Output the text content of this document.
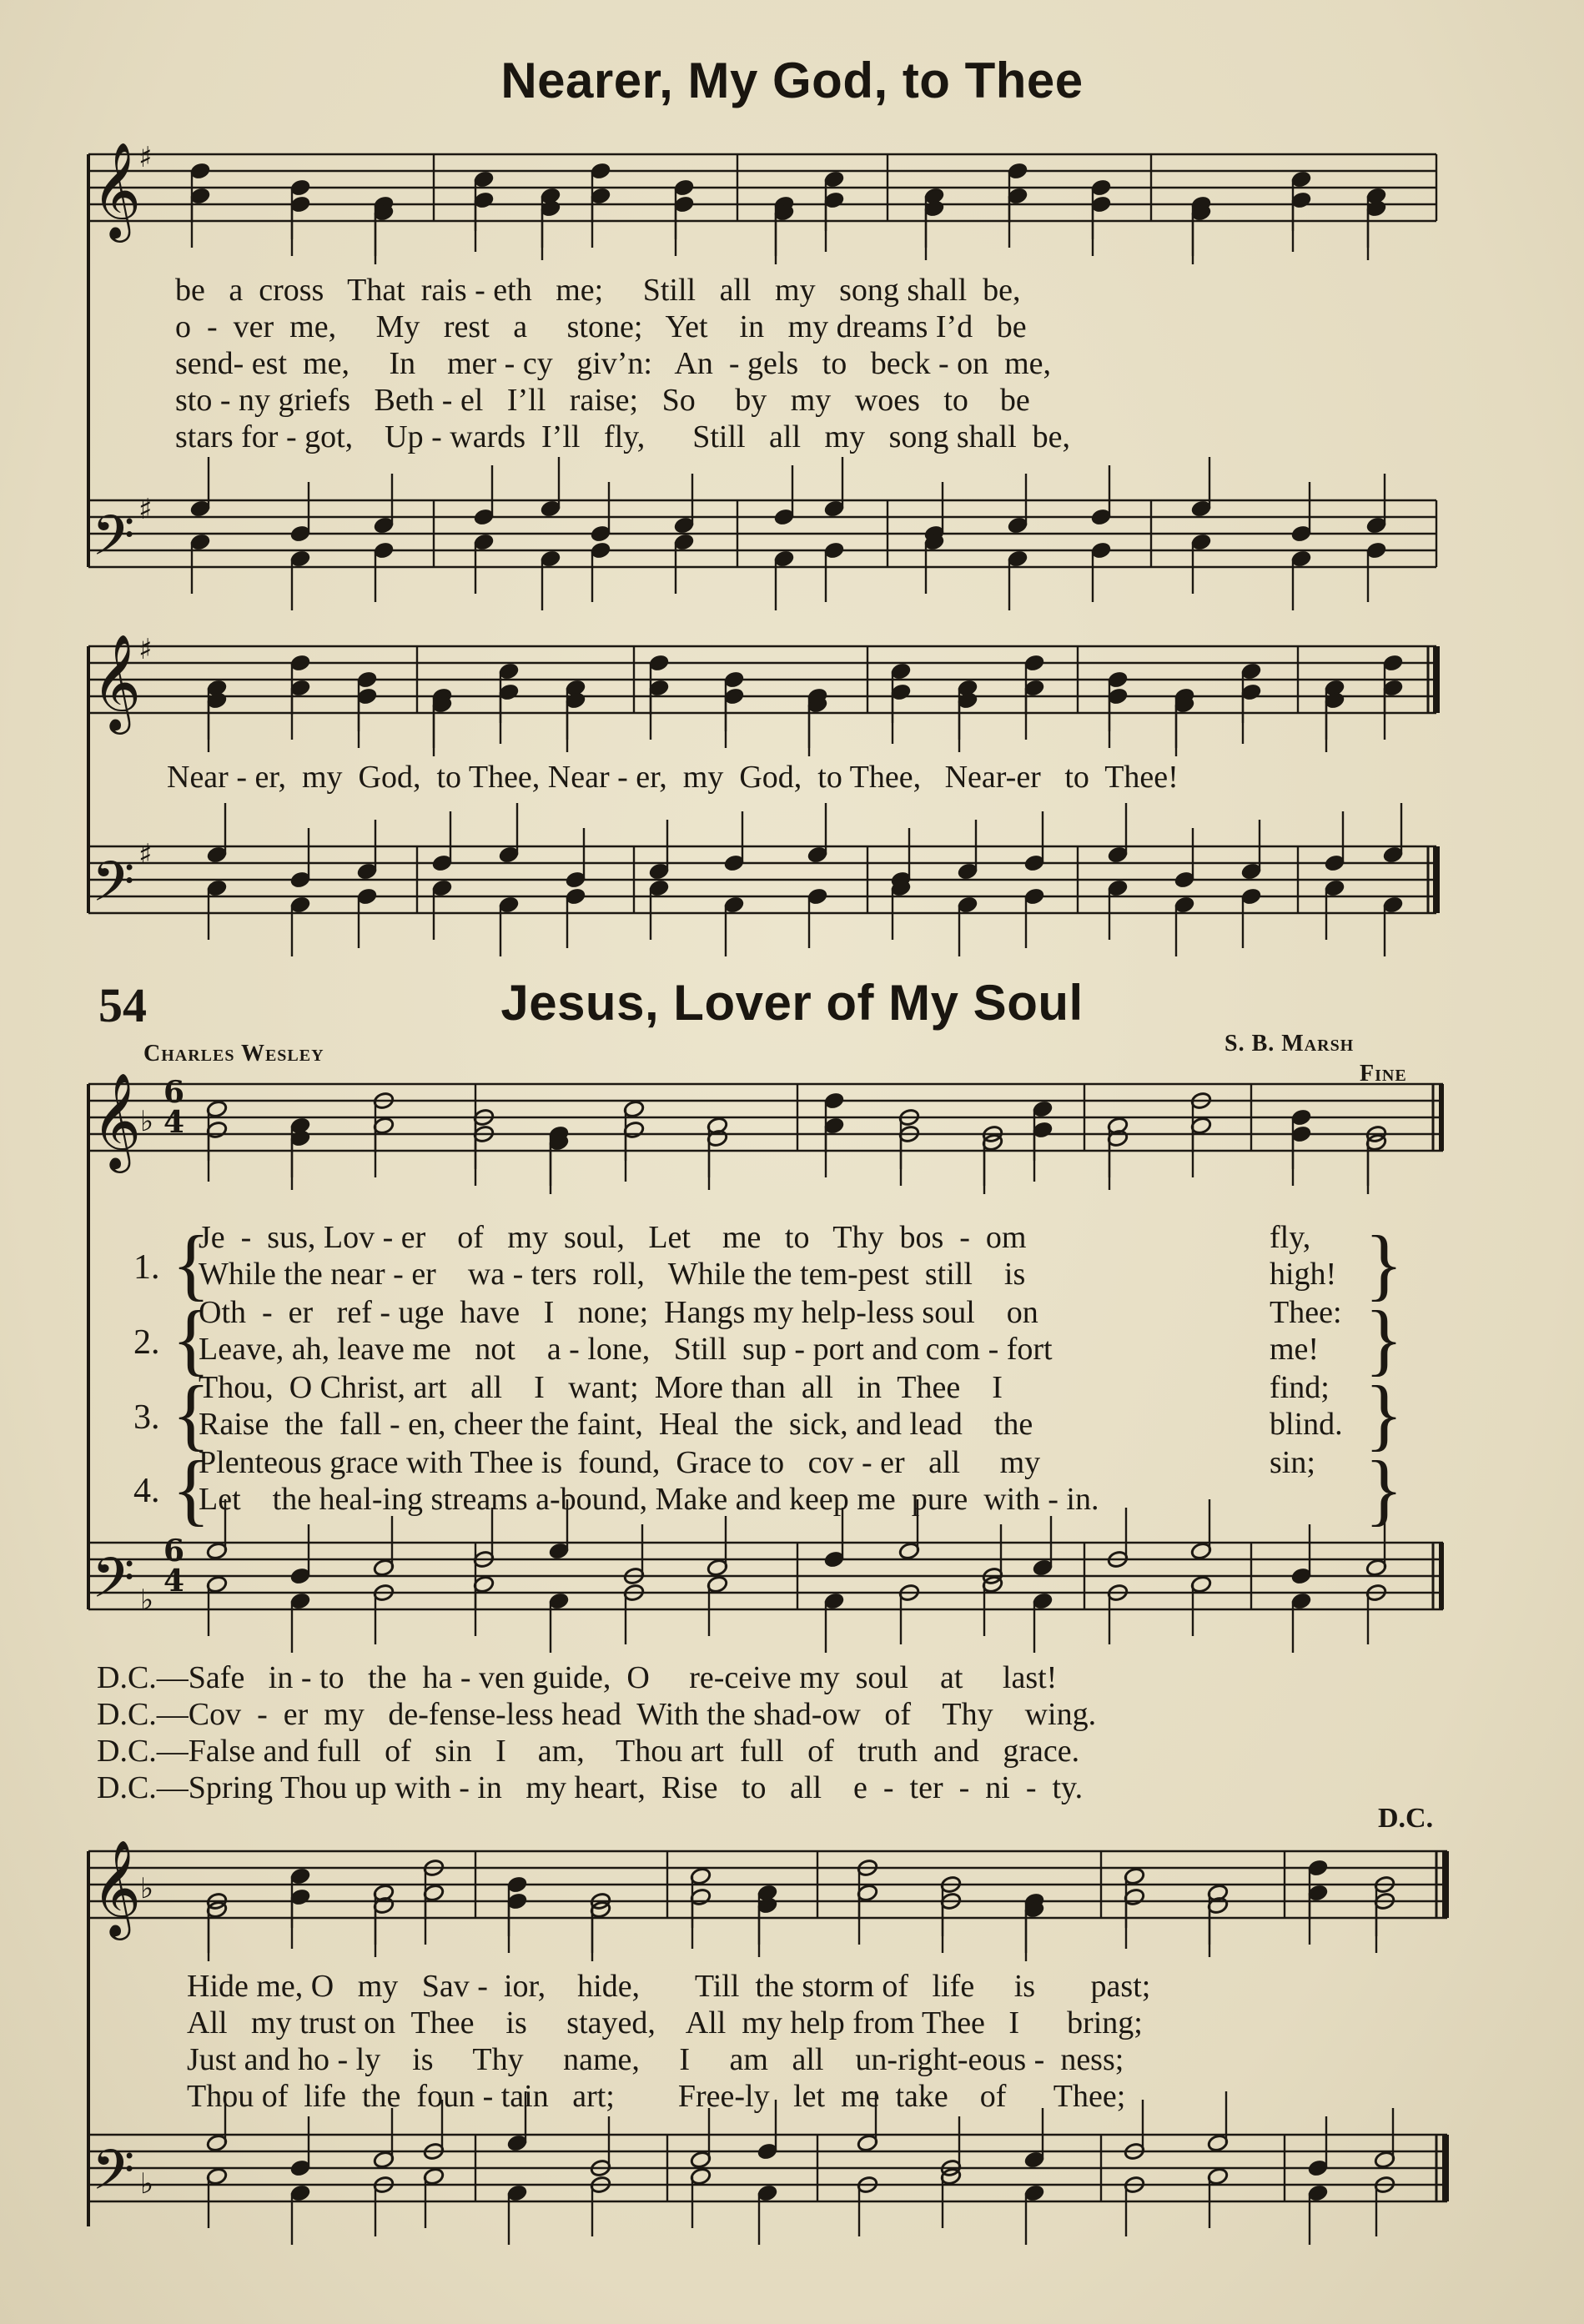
Nearer, My God, to Thee
𝄞
𝄢
𝄞
𝄢
𝄞
𝄢
𝄞
𝄢
♯
♯
♯
♯
♭
♭
♭
♭
6
4
6
4
be   a  cross   That  rais - eth   me;     Still   all   my   song shall  be,
o  -  ver  me,     My   rest   a     stone;   Yet    in   my dreams I’d   be
send- est  me,     In    mer - cy   giv’n:   An  - gels   to   beck - on  me,
sto - ny griefs   Beth - el   I’ll   raise;   So     by   my   woes   to    be
stars for - got,    Up - wards  I’ll   fly,      Still   all   my   song shall  be,
Near - er,  my  God,  to Thee, Near - er,  my  God,  to Thee,   Near-er   to  Thee!
54	Jesus, Lover of My Soul
Charles Wesley	S. B. Marsh
Fine
1.
2.
3.
4.
{
{
{
{
}
}
}
}
Je  -  sus, Lov - er    of   my  soul,   Let    me   to   Thy  bos  -  om
While the near - er    wa - ters  roll,   While the tem-pest  still    is
Oth  -  er   ref - uge  have   I   none;  Hangs my help-less soul    on
Leave, ah, leave me   not    a - lone,   Still  sup - port and com - fort
Thou,  O Christ, art   all    I   want;  More than  all   in  Thee    I
Raise  the  fall - en, cheer the faint,  Heal  the  sick, and lead    the
Plenteous grace with Thee is  found,  Grace to   cov - er   all     my
Let    the heal-ing streams a-bound, Make and keep me  pure  with - in.
fly,
high!
Thee:
me!
find;
blind.
sin;
D.C.—Safe   in - to   the  ha - ven guide,  O     re-ceive my  soul    at     last!
D.C.—Cov  -  er  my   de-fense-less head  With the shad-ow   of    Thy    wing.
D.C.—False and full   of   sin   I    am,    Thou art  full   of   truth  and   grace.
D.C.—Spring Thou up with - in   my heart,  Rise   to   all    e  -  ter  -  ni  -  ty.
D.C.
Hide me, O   my   Sav -  ior,    hide,       Till  the storm of   life     is       past;
All   my trust on  Thee    is     stayed,    All  my help from Thee   I      bring;
Just and ho - ly    is     Thy     name,     I     am   all    un-right-eous -  ness;
Thou of  life  the  foun - tain   art;        Free-ly   let  me  take    of      Thee;
